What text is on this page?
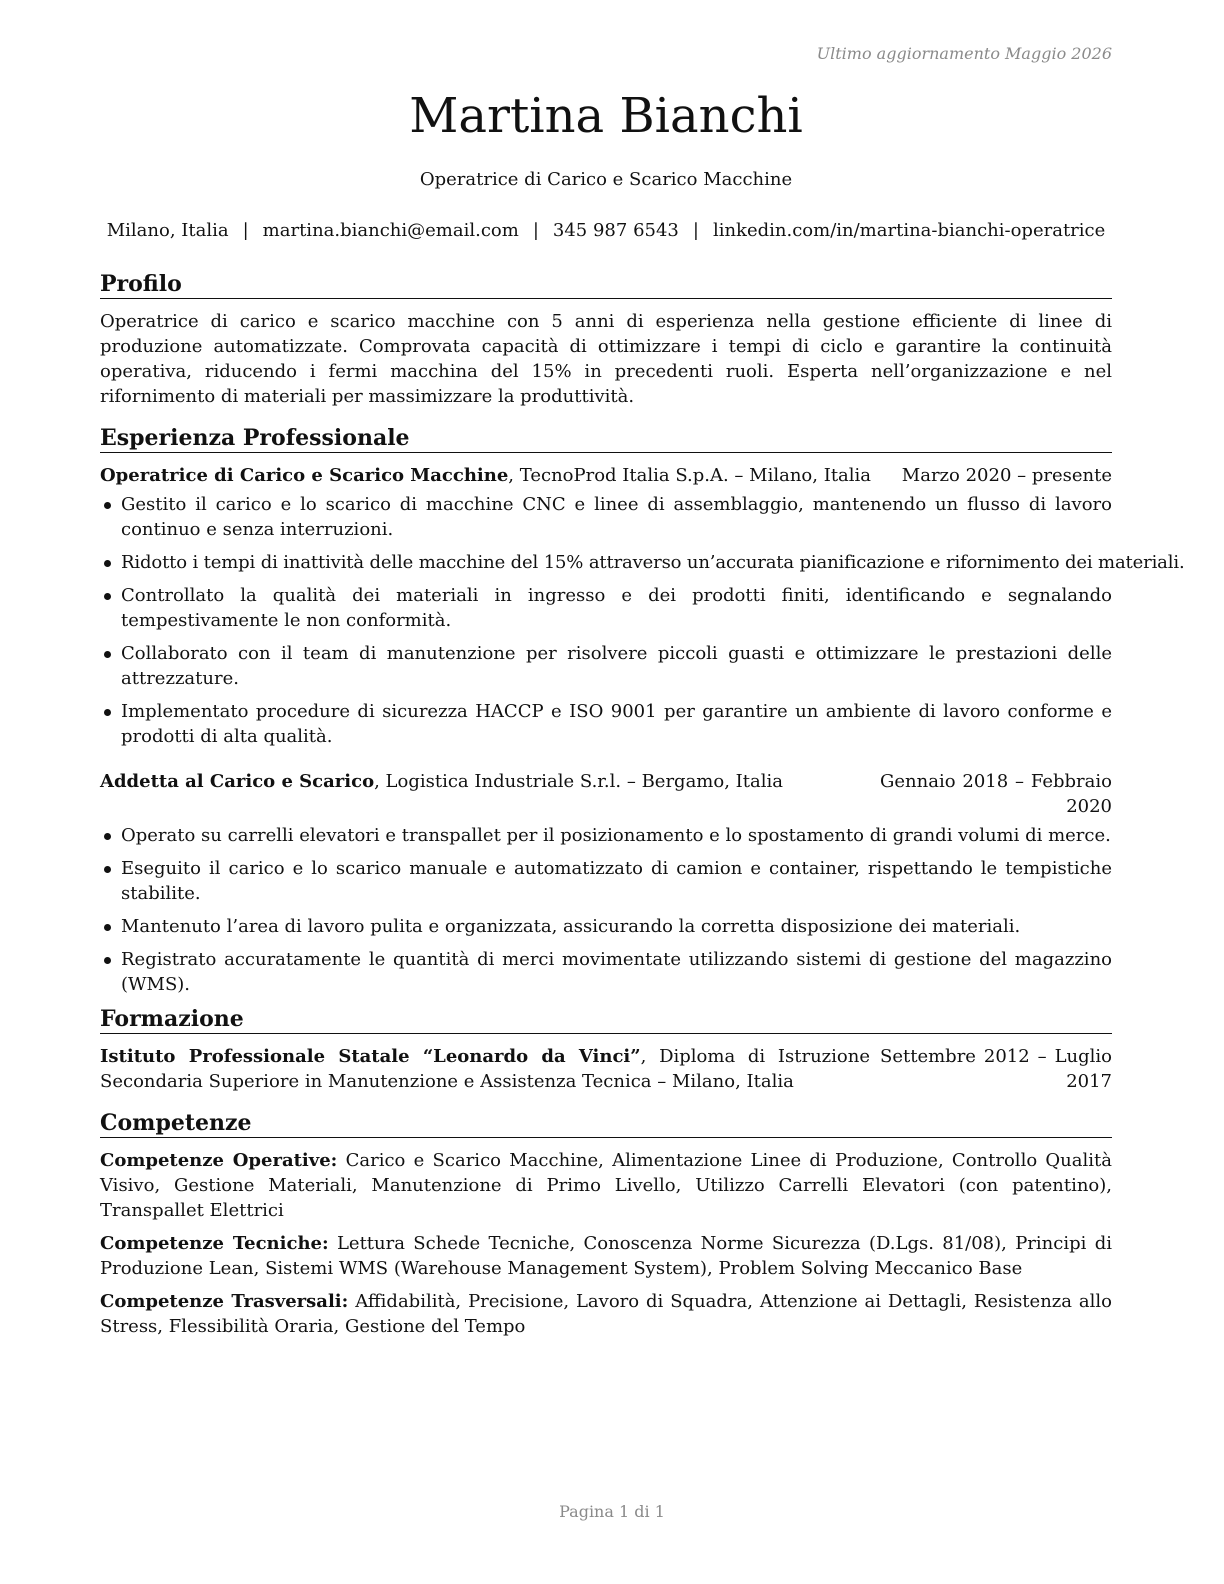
Ultimo aggiornamento Maggio 2026
Martina Bianchi
Operatrice di Carico e Scarico Macchine
Milano, Italia | martina.bianchi@email.com | 345 987 6543 | linkedin.com/in/martina-bianchi-operatrice
Profilo

Operatrice di carico e scarico macchine con 5 anni di esperienza nella gestione efficiente di linee di produzione automatizzate. Comprovata capacità di ottimizzare i tempi di ciclo e garantire la continuità operativa, riducendo i fermi macchina del 15% in precedenti ruoli. Esperta nell’organizzazione e nel rifornimento di materiali per massimizzare la produttività.

Esperienza Professionale
Operatrice di Carico e Scarico Macchine, TecnoProd Italia S.p.A. – Milano, Italia	Marzo 2020 – presente
Gestito il carico e lo scarico di macchine CNC e linee di assemblaggio, mantenendo un flusso di lavoro continuo e senza interruzioni.
Ridotto i tempi di inattività delle macchine del 15% attraverso un’accurata pianificazione e rifornimento dei materiali.
Controllato la qualità dei materiali in ingresso e dei prodotti finiti, identificando e segnalando tempestivamente le non conformità.
Collaborato con il team di manutenzione per risolvere piccoli guasti e ottimizzare le prestazioni delle attrezzature.
Implementato procedure di sicurezza HACCP e ISO 9001 per garantire un ambiente di lavoro conforme e prodotti di alta qualità.
Addetta al Carico e Scarico, Logistica Industriale S.r.l. – Bergamo, Italia	Gennaio 2018 – Febbraio 2020
Operato su carrelli elevatori e transpallet per il posizionamento e lo spostamento di grandi volumi di merce.
Eseguito il carico e lo scarico manuale e automatizzato di camion e container, rispettando le tempistiche stabilite.
Mantenuto l’area di lavoro pulita e organizzata, assicurando la corretta disposizione dei materiali.
Registrato accuratamente le quantità di merci movimentate utilizzando sistemi di gestione del magazzino (WMS).
Formazione
Istituto Professionale Statale “Leonardo da Vinci”, Diploma di Istruzione Secondaria Superiore in Manutenzione e Assistenza Tecnica – Milano, Italia
Settembre 2012 – Luglio 2017
Competenze

Competenze Operative: Carico e Scarico Macchine, Alimentazione Linee di Produzione, Controllo Qualità Visivo, Gestione Materiali, Manutenzione di Primo Livello, Utilizzo Carrelli Elevatori (con patentino), Transpallet Elettrici

Competenze Tecniche: Lettura Schede Tecniche, Conoscenza Norme Sicurezza (D.Lgs. 81/08), Principi di Produzione Lean, Sistemi WMS (Warehouse Management System), Problem Solving Meccanico Base

Competenze Trasversali: Affidabilità, Precisione, Lavoro di Squadra, Attenzione ai Dettagli, Resistenza allo Stress, Flessibilità Oraria, Gestione del Tempo

Pagina 1 di 1
